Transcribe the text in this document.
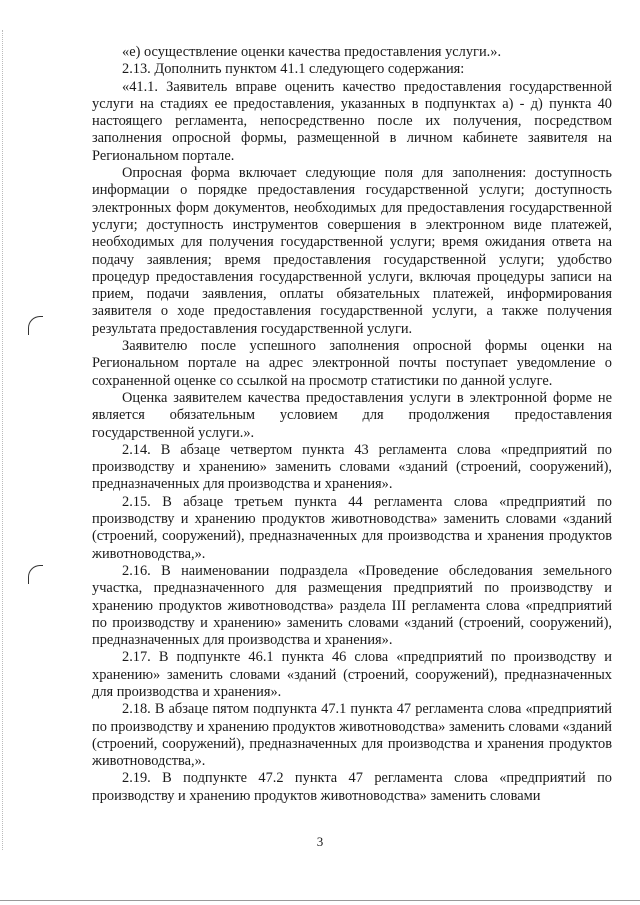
«е) осуществление оценки качества предоставления услуги.».

2.13. Дополнить пунктом 41.1 следующего содержания:

«41.1. Заявитель вправе оценить качество предоставления государственной услуги на стадиях ее предоставления, указанных в подпунктах а) - д) пункта 40 настоящего регламента, непосредственно после их получения, посредством заполнения опросной формы, размещенной в личном кабинете заявителя на Региональном портале.

Опросная форма включает следующие поля для заполнения: доступность информации о порядке предоставления государственной услуги; доступность электронных форм документов, необходимых для предоставления государственной услуги; доступность инструментов совершения в электронном виде платежей, необходимых для получения государственной услуги; время ожидания ответа на подачу заявления; время предоставления государственной услуги; удобство процедур предоставления государственной услуги, включая процедуры записи на прием, подачи заявления, оплаты обязательных платежей, информирования заявителя о ходе предоставления государственной услуги, а также получения результата предоставления государственной услуги.

Заявителю после успешного заполнения опросной формы оценки на Региональном портале на адрес электронной почты поступает уведомление о сохраненной оценке со ссылкой на просмотр статистики по данной услуге.

Оценка заявителем качества предоставления услуги в электронной форме не является обязательным условием для продолжения предоставления государственной услуги.».

2.14. В абзаце четвертом пункта 43 регламента слова «предприятий по производству и хранению» заменить словами «зданий (строений, сооружений), предназначенных для производства и хранения».

2.15. В абзаце третьем пункта 44 регламента слова «предприятий по производству и хранению продуктов животноводства» заменить словами «зданий (строений, сооружений), предназначенных для производства и хранения продуктов животноводства,».

2.16. В наименовании подраздела «Проведение обследования земельного участка, предназначенного для размещения предприятий по производству и хранению продуктов животноводства» раздела III регламента слова «предприятий по производству и хранению» заменить словами «зданий (строений, сооружений), предназначенных для производства и хранения».

2.17. В подпункте 46.1 пункта 46 слова «предприятий по производству и хранению» заменить словами «зданий (строений, сооружений), предназначенных для производства и хранения».

2.18. В абзаце пятом подпункта 47.1 пункта 47 регламента слова «предприятий по производству и хранению продуктов животноводства» заменить словами «зданий (строений, сооружений), предназначенных для производства и хранения продуктов животноводства,».

2.19. В подпункте 47.2 пункта 47 регламента слова «предприятий по производству и хранению продуктов животноводства» заменить словами

3
